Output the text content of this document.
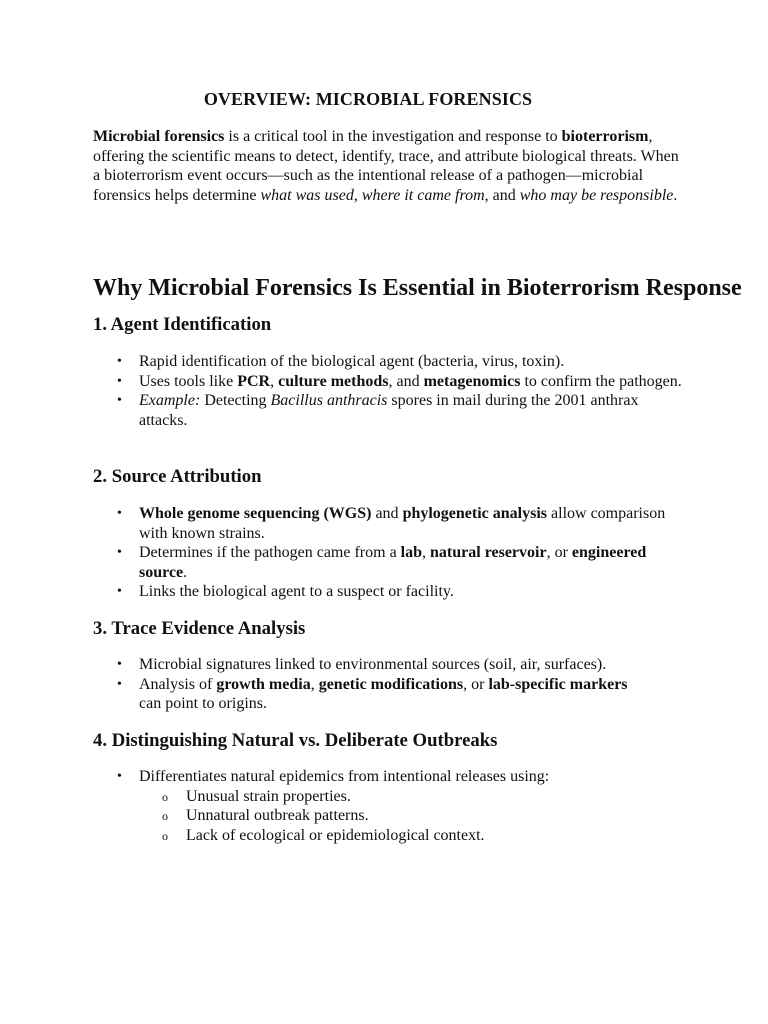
OVERVIEW: MICROBIAL FORENSICS

Microbial forensics is a critical tool in the investigation and response to bioterrorism, offering the scientific means to detect, identify, trace, and attribute biological threats. When a bioterrorism event occurs—such as the intentional release of a pathogen—microbial forensics helps determine what was used, where it came from, and who may be responsible.

Why Microbial Forensics Is Essential in Bioterrorism Response
1. Agent Identification
• Rapid identification of the biological agent (bacteria, virus, toxin).
• Uses tools like PCR, culture methods, and metagenomics to confirm the pathogen.
• Example: Detecting Bacillus anthracis spores in mail during the 2001 anthrax attacks.
2. Source Attribution
• Whole genome sequencing (WGS) and phylogenetic analysis allow comparison with known strains.
• Determines if the pathogen came from a lab, natural reservoir, or engineered source.
• Links the biological agent to a suspect or facility.
3. Trace Evidence Analysis
• Microbial signatures linked to environmental sources (soil, air, surfaces).
• Analysis of growth media, genetic modifications, or lab-specific markers can point to origins.
4. Distinguishing Natural vs. Deliberate Outbreaks
• Differentiates natural epidemics from intentional releases using:
o Unusual strain properties.
o Unnatural outbreak patterns.
o Lack of ecological or epidemiological context.
